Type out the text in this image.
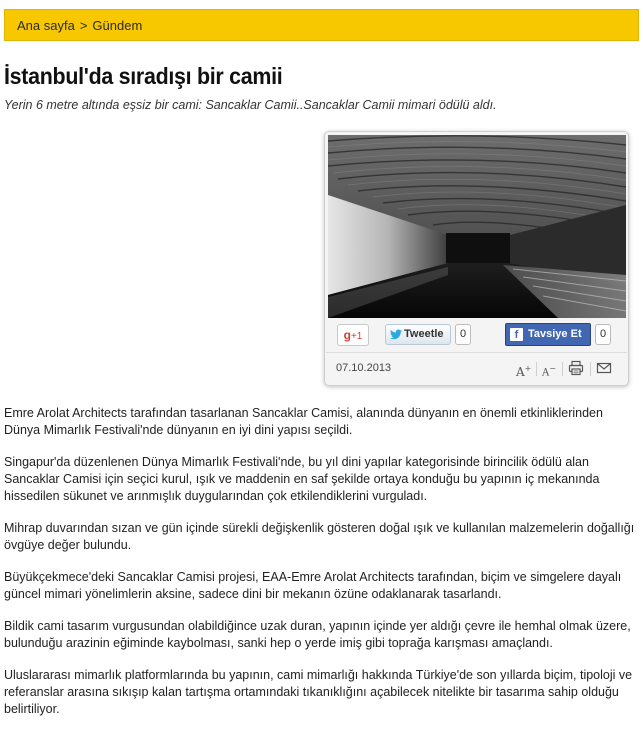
Ana sayfa > Gündem
İstanbul'da sıradışı bir camii
Yerin 6 metre altında eşsiz bir cami: Sancaklar Camii..Sancaklar Camii mimari ödülü aldı.
g+1	Tweetle	0	f Tavsiye Et	0
07.10.2013	A+ A−

Emre Arolat Architects tarafından tasarlanan Sancaklar Camisi, alanında dünyanın en önemli etkinliklerinden Dünya Mimarlık Festivali'nde dünyanın en iyi dini yapısı seçildi.

Singapur'da düzenlenen Dünya Mimarlık Festivali'nde, bu yıl dini yapılar kategorisinde birincilik ödülü alan Sancaklar Camisi için seçici kurul, ışık ve maddenin en saf şekilde ortaya konduğu bu yapının iç mekanında hissedilen sükunet ve arınmışlık duygularından çok etkilendiklerini vurguladı.

Mihrap duvarından sızan ve gün içinde sürekli değişkenlik gösteren doğal ışık ve kullanılan malzemelerin doğallığı övgüye değer bulundu.

Büyükçekmece'deki Sancaklar Camisi projesi, EAA-Emre Arolat Architects tarafından, biçim ve simgelere dayalı güncel mimari yönelimlerin aksine, sadece dini bir mekanın özüne odaklanarak tasarlandı.

Bildik cami tasarım vurgusundan olabildiğince uzak duran, yapının içinde yer aldığı çevre ile hemhal olmak üzere, bulunduğu arazinin eğiminde kaybolması, sanki hep o yerde imiş gibi toprağa karışması amaçlandı.

Uluslararası mimarlık platformlarında bu yapının, cami mimarlığı hakkında Türkiye'de son yıllarda biçim, tipoloji ve referanslar arasına sıkışıp kalan tartışma ortamındaki tıkanıklığını açabilecek nitelikte bir tasarıma sahip olduğu belirtiliyor.
